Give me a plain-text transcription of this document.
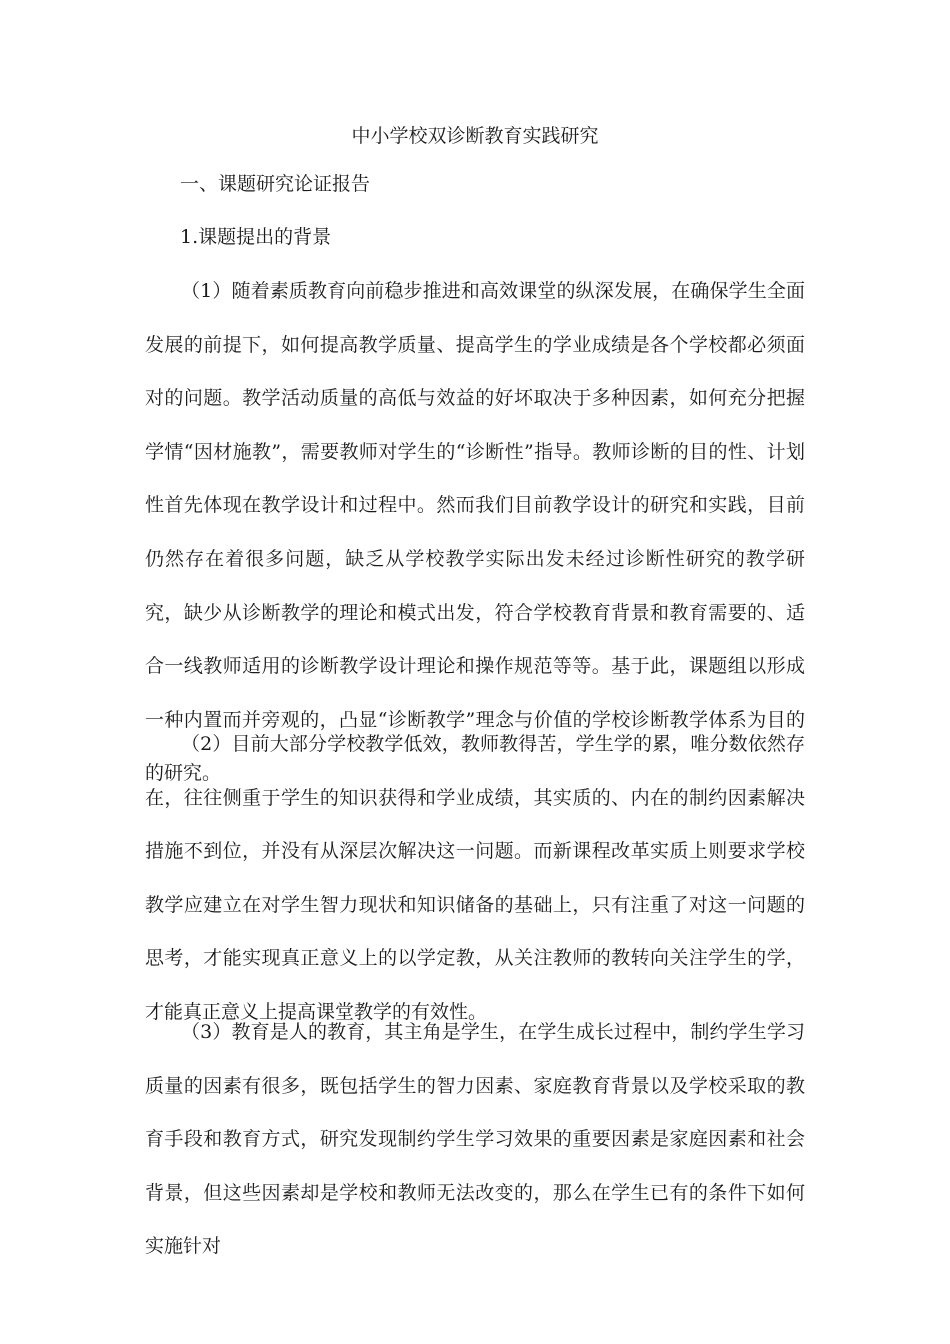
中小学校双诊断教育实践研究
一、课题研究论证报告
1.课题提出的背景

（1）随着素质教育向前稳步推进和高效课堂的纵深发展，在确保学生全面发展的前提下，如何提高教学质量、提高学生的学业成绩是各个学校都必须面对的问题。教学活动质量的高低与效益的好坏取决于多种因素，如何充分把握学情“因材施教”，需要教师对学生的“诊断性”指导。教师诊断的目的性、计划性首先体现在教学设计和过程中。然而我们目前教学设计的研究和实践，目前仍然存在着很多问题，缺乏从学校教学实际出发未经过诊断性研究的教学研究，缺少从诊断教学的理论和模式出发，符合学校教育背景和教育需要的、适合一线教师适用的诊断教学设计理论和操作规范等等。基于此，课题组以形成一种内置而并旁观的，凸显“诊断教学”理念与价值的学校诊断教学体系为目的的研究。

（2）目前大部分学校教学低效，教师教得苦，学生学的累，唯分数依然存在，往往侧重于学生的知识获得和学业成绩，其实质的、内在的制约因素解决措施不到位，并没有从深层次解决这一问题。而新课程改革实质上则要求学校教学应建立在对学生智力现状和知识储备的基础上，只有注重了对这一问题的思考，才能实现真正意义上的以学定教，从关注教师的教转向关注学生的学，才能真正意义上提高课堂教学的有效性。

（3）教育是人的教育，其主角是学生，在学生成长过程中，制约学生学习质量的因素有很多，既包括学生的智力因素、家庭教育背景以及学校采取的教育手段和教育方式，研究发现制约学生学习效果的重要因素是家庭因素和社会背景，但这些因素却是学校和教师无法改变的，那么在学生已有的条件下如何实施针对
